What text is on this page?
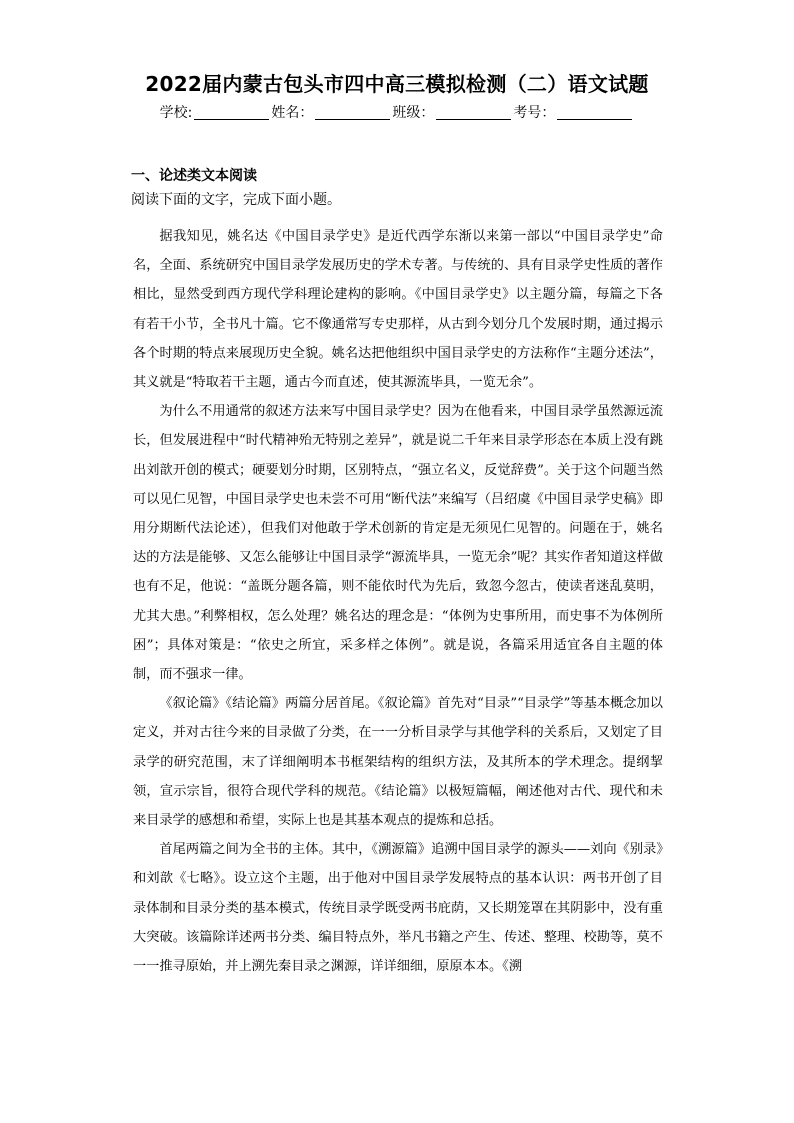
2022届内蒙古包头市四中高三模拟检测（二）语文试题
学校:	姓名：	班级：	考号：
一、论述类文本阅读
阅读下面的文字，完成下面小题。

据我知见，姚名达《中国目录学史》是近代西学东渐以来第一部以“中国目录学史”命名，全面、系统研究中国目录学发展历史的学术专著。与传统的、具有目录学史性质的著作相比，显然受到西方现代学科理论建构的影响。《中国目录学史》以主题分篇，每篇之下各有若干小节，全书凡十篇。它不像通常写专史那样，从古到今划分几个发展时期，通过揭示各个时期的特点来展现历史全貌。姚名达把他组织中国目录学史的方法称作“主题分述法”，其义就是“特取若干主题，通古今而直述，使其源流毕具，一览无余”。

为什么不用通常的叙述方法来写中国目录学史？因为在他看来，中国目录学虽然源远流长，但发展进程中“时代精神殆无特别之差异”，就是说二千年来目录学形态在本质上没有跳出刘歆开创的模式；硬要划分时期，区别特点，“强立名义，反觉辞费”。关于这个问题当然可以见仁见智，中国目录学史也未尝不可用“断代法”来编写（吕绍虞《中国目录学史稿》即用分期断代法论述），但我们对他敢于学术创新的肯定是无须见仁见智的。问题在于，姚名达的方法是能够、又怎么能够让中国目录学“源流毕具，一览无余”呢？其实作者知道这样做也有不足，他说：“盖既分题各篇，则不能依时代为先后，致忽今忽古，使读者迷乱莫明，尤其大患。”利弊相权，怎么处理？姚名达的理念是：“体例为史事所用，而史事不为体例所困”；具体对策是：“依史之所宜，采多样之体例”。就是说，各篇采用适宜各自主题的体制，而不强求一律。

《叙论篇》《结论篇》两篇分居首尾。《叙论篇》首先对“目录”“目录学”等基本概念加以定义，并对古往今来的目录做了分类，在一一分析目录学与其他学科的关系后，又划定了目录学的研究范围，末了详细阐明本书框架结构的组织方法，及其所本的学术理念。提纲挈领，宣示宗旨，很符合现代学科的规范。《结论篇》以极短篇幅，阐述他对古代、现代和未来目录学的感想和希望，实际上也是其基本观点的提炼和总括。

首尾两篇之间为全书的主体。其中，《溯源篇》追溯中国目录学的源头——刘向《别录》和刘歆《七略》。设立这个主题，出于他对中国目录学发展特点的基本认识：两书开创了目录体制和目录分类的基本模式，传统目录学既受两书庇荫，又长期笼罩在其阴影中，没有重大突破。该篇除详述两书分类、编目特点外，举凡书籍之产生、传述、整理、校勘等，莫不一一推寻原始，并上溯先秦目录之渊源，详详细细，原原本本。《溯
